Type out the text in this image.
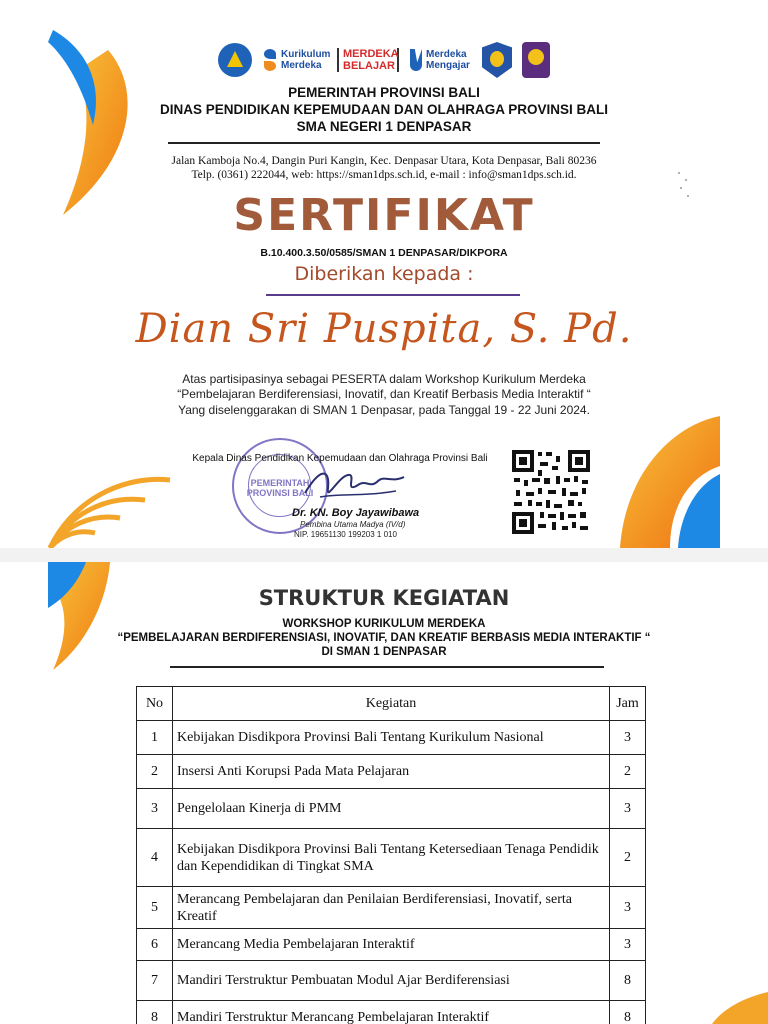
Kurikulum Merdeka
MERDEKA BELAJAR
Merdeka Mengajar
PEMERINTAH PROVINSI BALI
DINAS PENDIDIKAN KEPEMUDAAN DAN OLAHRAGA PROVINSI BALI
SMA NEGERI 1 DENPASAR
Jalan Kamboja No.4, Dangin Puri Kangin, Kec. Denpasar Utara, Kota Denpasar, Bali 80236
Telp. (0361) 222044, web: https://sman1dps.sch.id, e-mail : info@sman1dps.sch.id.
SERTIFIKAT
B.10.400.3.50/0585/SMAN 1 DENPASAR/DIKPORA
Diberikan kepada :
Dian Sri Puspita, S. Pd.
Atas partisipasinya sebagai PESERTA dalam Workshop Kurikulum Merdeka
“Pembelajaran Berdiferensiasi, Inovatif, dan Kreatif Berbasis Media Interaktif “
Yang diselenggarakan di SMAN 1 Denpasar, pada Tanggal 19 - 22 Juni 2024.
PEMERINTAH PROVINSI BALI
Kepala Dinas Pendidikan Kepemudaan dan Olahraga Provinsi Bali
Dr. KN. Boy Jayawibawa
Pembina Utama Madya (IV/d)
NIP. 19651130 199203 1 010
STRUKTUR KEGIATAN
WORKSHOP KURIKULUM MERDEKA
“PEMBELAJARAN BERDIFERENSIASI, INOVATIF, DAN KREATIF BERBASIS MEDIA INTERAKTIF “
DI SMAN 1 DENPASAR
No	Kegiatan	Jam
1	Kebijakan Disdikpora Provinsi Bali Tentang Kurikulum Nasional	3
2	Insersi Anti Korupsi Pada Mata Pelajaran	2
3	Pengelolaan Kinerja di PMM	3
4	Kebijakan Disdikpora Provinsi Bali Tentang Ketersediaan Tenaga Pendidik dan Kependidikan di Tingkat SMA	2
5	Merancang Pembelajaran dan Penilaian Berdiferensiasi, Inovatif, serta Kreatif	3
6	Merancang Media Pembelajaran Interaktif	3
7	Mandiri Terstruktur Pembuatan Modul Ajar Berdiferensiasi	8
8	Mandiri Terstruktur Merancang Pembelajaran Interaktif	8
